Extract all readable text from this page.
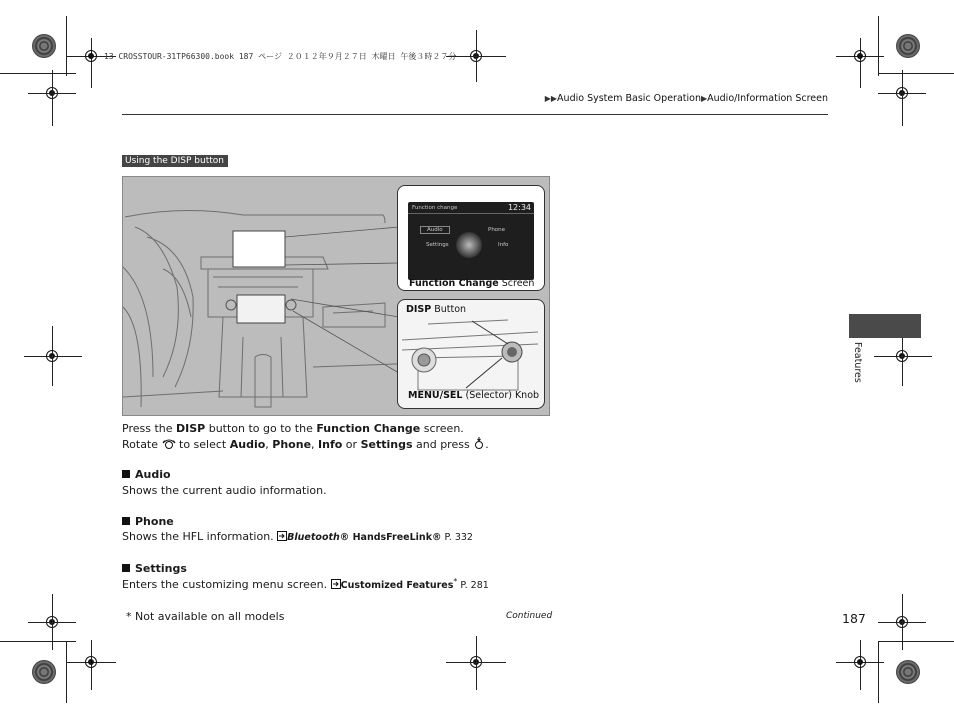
13 CROSSTOUR-31TP66300.book 187 ページ ２０１２年９月２７日 木曜日 午後３時２７分
▶▶Audio System Basic Operation▶Audio/Information Screen
Using the DISP button
Function change	12:34
Audio	Phone
Settings	Info
Function Change Screen
DISP Button
MENU/SEL (Selector) Knob
Press the DISP button to go to the Function Change screen.
Rotate  to select Audio, Phone, Info or Settings and press .
Audio
Shows the current audio information.
Phone
Shows the HFL information. Bluetooth® HandsFreeLink® P. 332
Settings
Enters the customizing menu screen. Customized Features* P. 281
Features
* Not available on all models	Continued	187
